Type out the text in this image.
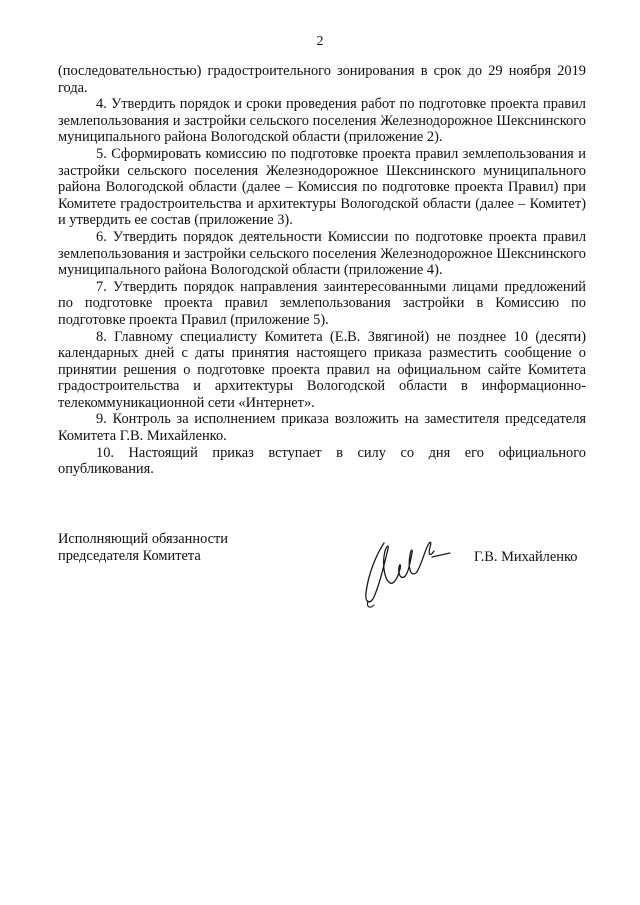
2

(последовательностью) градостроительного зонирования в срок до 29 ноября 2019 года.

4. Утвердить порядок и сроки проведения работ по подготовке проекта правил землепользования и застройки сельского поселения Железнодорожное Шекснинского муниципального района Вологодской области (приложение 2).

5. Сформировать комиссию по подготовке проекта правил землепользования и застройки сельского поселения Железнодорожное Шекснинского муниципального района Вологодской области (далее – Комиссия по подготовке проекта Правил) при Комитете градостроительства и архитектуры Вологодской области (далее – Комитет) и утвердить ее состав (приложение 3).

6. Утвердить порядок деятельности Комиссии по подготовке проекта правил землепользования и застройки сельского поселения Железнодорожное Шекснинского муниципального района Вологодской области (приложение 4).

7. Утвердить порядок направления заинтересованными лицами предложений по подготовке проекта правил землепользования застройки в Комиссию по подготовке проекта Правил (приложение 5).

8. Главному специалисту Комитета (Е.В. Звягиной) не позднее 10 (десяти) календарных дней с даты принятия настоящего приказа разместить сообщение о принятии решения о подготовке проекта правил на официальном сайте Комитета градостроительства и архитектуры Вологодской области в информационно-телекоммуникационной сети «Интернет».

9. Контроль за исполнением приказа возложить на заместителя председателя Комитета Г.В. Михайленко.

10. Настоящий приказ вступает в силу со дня его официального опубликования.

Исполняющий обязанности
председателя Комитета	Г.В. Михайленко
